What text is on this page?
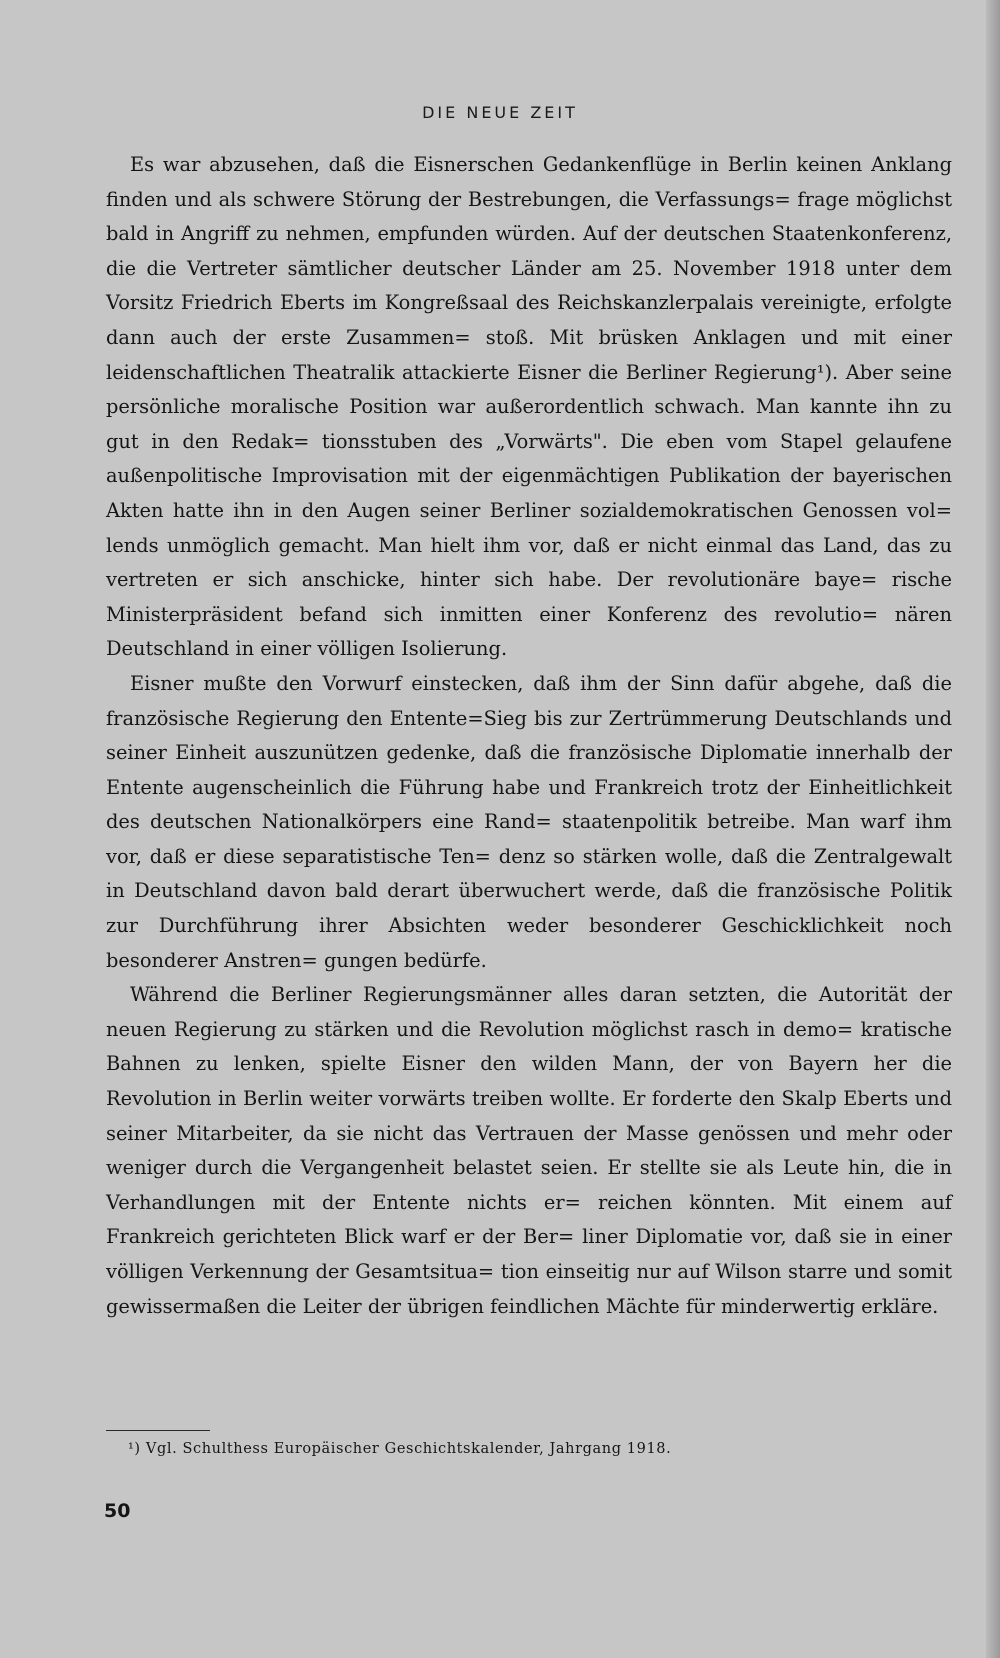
DIE NEUE ZEIT

Es war abzusehen, daß die Eisnerschen Gedankenflüge in Berlin keinen Anklang finden und als schwere Störung der Bestrebungen, die Verfassungs= frage möglichst bald in Angriff zu nehmen, empfunden würden. Auf der deutschen Staatenkonferenz, die die Vertreter sämtlicher deutscher Länder am 25. November 1918 unter dem Vorsitz Friedrich Eberts im Kongreßsaal des Reichskanzlerpalais vereinigte, erfolgte dann auch der erste Zusammen= stoß. Mit brüsken Anklagen und mit einer leidenschaftlichen Theatralik attackierte Eisner die Berliner Regierung¹). Aber seine persönliche moralische Position war außerordentlich schwach. Man kannte ihn zu gut in den Redak= tionsstuben des „Vorwärts". Die eben vom Stapel gelaufene außenpolitische Improvisation mit der eigenmächtigen Publikation der bayerischen Akten hatte ihn in den Augen seiner Berliner sozialdemokratischen Genossen vol= lends unmöglich gemacht. Man hielt ihm vor, daß er nicht einmal das Land, das zu vertreten er sich anschicke, hinter sich habe. Der revolutionäre baye= rische Ministerpräsident befand sich inmitten einer Konferenz des revolutio= nären Deutschland in einer völligen Isolierung.

Eisner mußte den Vorwurf einstecken, daß ihm der Sinn dafür abgehe, daß die französische Regierung den Entente=Sieg bis zur Zertrümmerung Deutschlands und seiner Einheit auszunützen gedenke, daß die französische Diplomatie innerhalb der Entente augenscheinlich die Führung habe und Frankreich trotz der Einheitlichkeit des deutschen Nationalkörpers eine Rand= staatenpolitik betreibe. Man warf ihm vor, daß er diese separatistische Ten= denz so stärken wolle, daß die Zentralgewalt in Deutschland davon bald derart überwuchert werde, daß die französische Politik zur Durchführung ihrer Absichten weder besonderer Geschicklichkeit noch besonderer Anstren= gungen bedürfe.

Während die Berliner Regierungsmänner alles daran setzten, die Autorität der neuen Regierung zu stärken und die Revolution möglichst rasch in demo= kratische Bahnen zu lenken, spielte Eisner den wilden Mann, der von Bayern her die Revolution in Berlin weiter vorwärts treiben wollte. Er forderte den Skalp Eberts und seiner Mitarbeiter, da sie nicht das Vertrauen der Masse genössen und mehr oder weniger durch die Vergangenheit belastet seien. Er stellte sie als Leute hin, die in Verhandlungen mit der Entente nichts er= reichen könnten. Mit einem auf Frankreich gerichteten Blick warf er der Ber= liner Diplomatie vor, daß sie in einer völligen Verkennung der Gesamtsitua= tion einseitig nur auf Wilson starre und somit gewissermaßen die Leiter der übrigen feindlichen Mächte für minderwertig erkläre.

¹) Vgl. Schulthess Europäischer Geschichtskalender, Jahrgang 1918.
50
